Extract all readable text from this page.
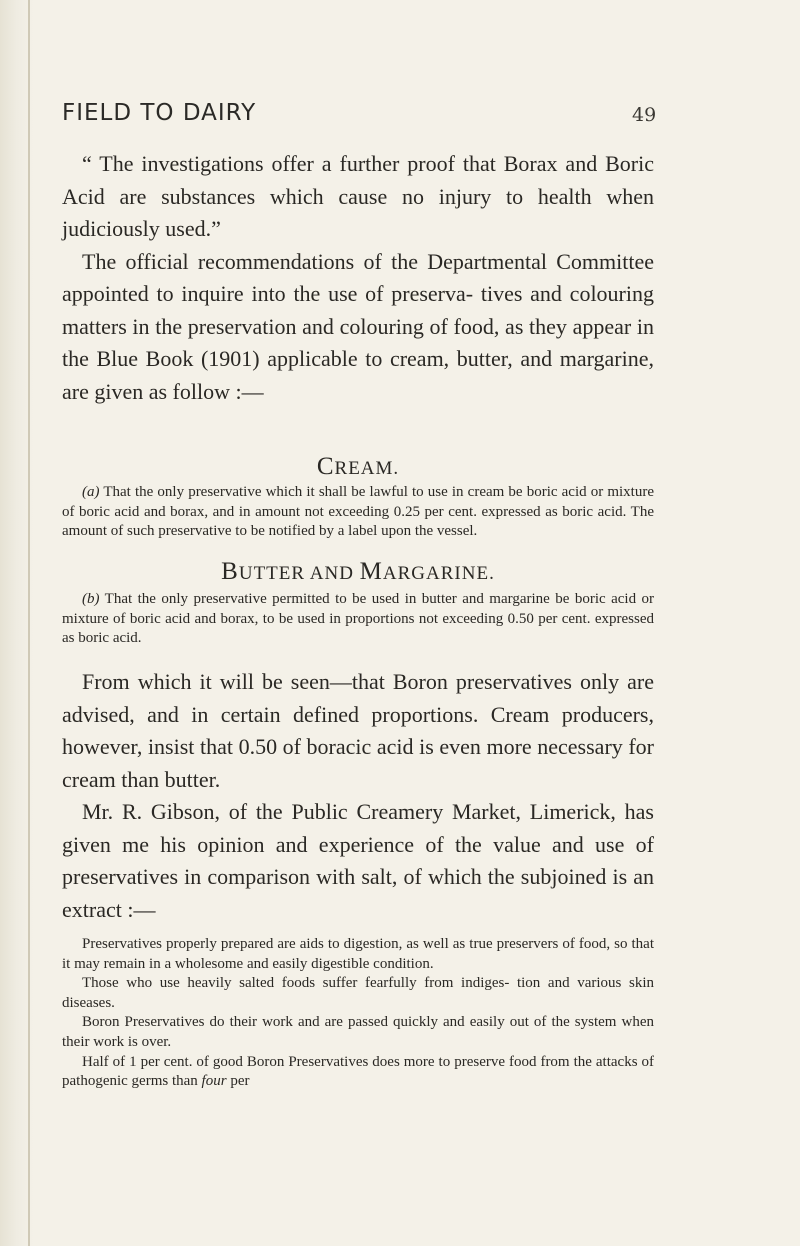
FIELD TO DAIRY	49

“ The investigations offer a further proof that Borax and Boric Acid are substances which cause no injury to health when judiciously used.”

The official recommendations of the Departmental Committee appointed to inquire into the use of preserva- tives and colouring matters in the preservation and colouring of food, as they appear in the Blue Book (1901) applicable to cream, butter, and margarine, are given as follow :—

CREAM.

(a) That the only preservative which it shall be lawful to use in cream be boric acid or mixture of boric acid and borax, and in amount not exceeding 0.25 per cent. expressed as boric acid. The amount of such preservative to be notified by a label upon the vessel.

BUTTER AND MARGARINE.

(b) That the only preservative permitted to be used in butter and margarine be boric acid or mixture of boric acid and borax, to be used in proportions not exceeding 0.50 per cent. expressed as boric acid.

From which it will be seen—that Boron preservatives only are advised, and in certain defined proportions. Cream producers, however, insist that 0.50 of boracic acid is even more necessary for cream than butter.

Mr. R. Gibson, of the Public Creamery Market, Limerick, has given me his opinion and experience of the value and use of preservatives in comparison with salt, of which the subjoined is an extract :—

Preservatives properly prepared are aids to digestion, as well as true preservers of food, so that it may remain in a wholesome and easily digestible condition.

Those who use heavily salted foods suffer fearfully from indiges- tion and various skin diseases.

Boron Preservatives do their work and are passed quickly and easily out of the system when their work is over.

Half of 1 per cent. of good Boron Preservatives does more to preserve food from the attacks of pathogenic germs than four per
